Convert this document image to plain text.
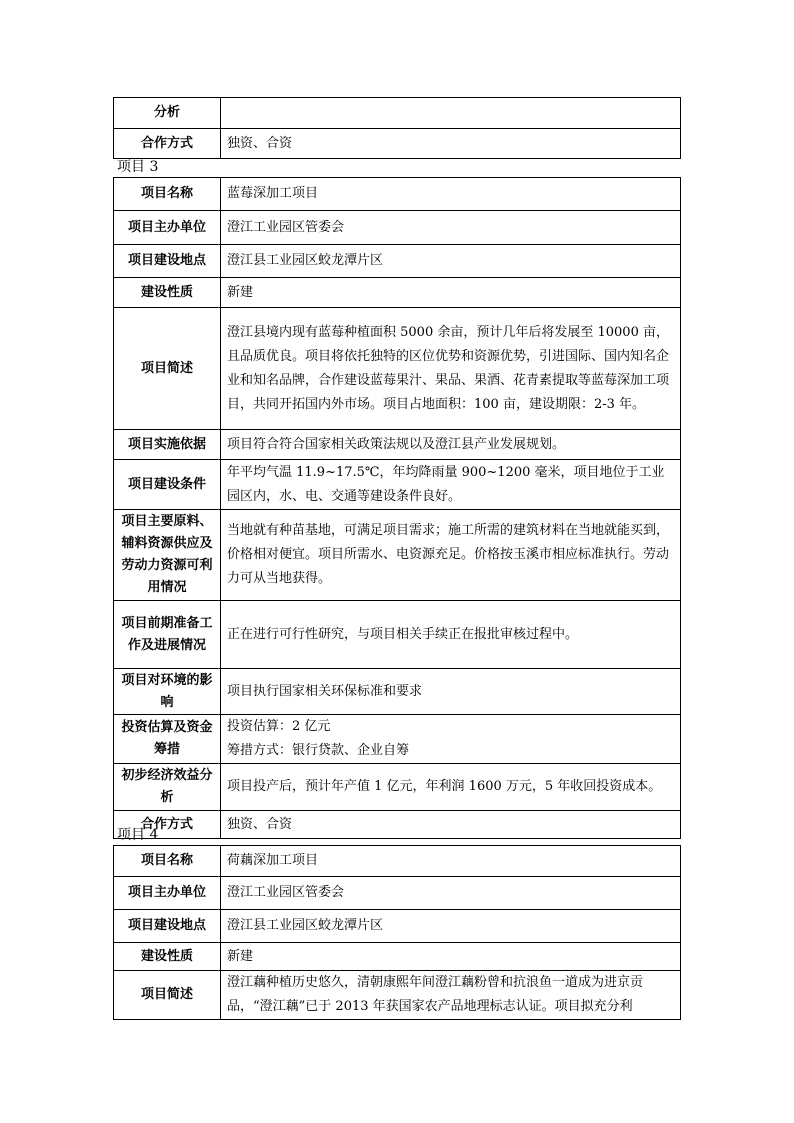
分析	
合作方式	独资、合资
项目 3
项目名称	蓝莓深加工项目
项目主办单位	澄江工业园区管委会
项目建设地点	澄江县工业园区蛟龙潭片区
建设性质	新建
项目简述	澄江县境内现有蓝莓种植面积 5000 余亩，预计几年后将发展至 10000 亩，且品质优良。项目将依托独特的区位优势和资源优势，引进国际、国内知名企业和知名品牌，合作建设蓝莓果汁、果品、果酒、花青素提取等蓝莓深加工项目，共同开拓国内外市场。项目占地面积：100 亩，建设期限：2-3 年。
项目实施依据	项目符合符合国家相关政策法规以及澄江县产业发展规划。
项目建设条件	年平均气温 11.9~17.5℃，年均降雨量 900~1200 毫米，项目地位于工业园区内，水、电、交通等建设条件良好。
项目主要原料、辅料资源供应及劳动力资源可利用情况	当地就有种苗基地，可满足项目需求；施工所需的建筑材料在当地就能买到，价格相对便宜。项目所需水、电资源充足。价格按玉溪市相应标准执行。劳动力可从当地获得。
项目前期准备工作及进展情况	正在进行可行性研究，与项目相关手续正在报批审核过程中。
项目对环境的影响	项目执行国家相关环保标准和要求
投资估算及资金筹措	投资估算：2 亿元
筹措方式：银行贷款、企业自筹

初步经济效益分析	项目投产后，预计年产值 1 亿元，年利润 1600 万元，5 年收回投资成本。
合作方式	独资、合资
项目 4
项目名称	荷藕深加工项目
项目主办单位	澄江工业园区管委会
项目建设地点	澄江县工业园区蛟龙潭片区
建设性质	新建
项目简述	澄江藕种植历史悠久，清朝康熙年间澄江藕粉曾和抗浪鱼一道成为进京贡品，“澄江藕”已于 2013 年获国家农产品地理标志认证。项目拟充分利
